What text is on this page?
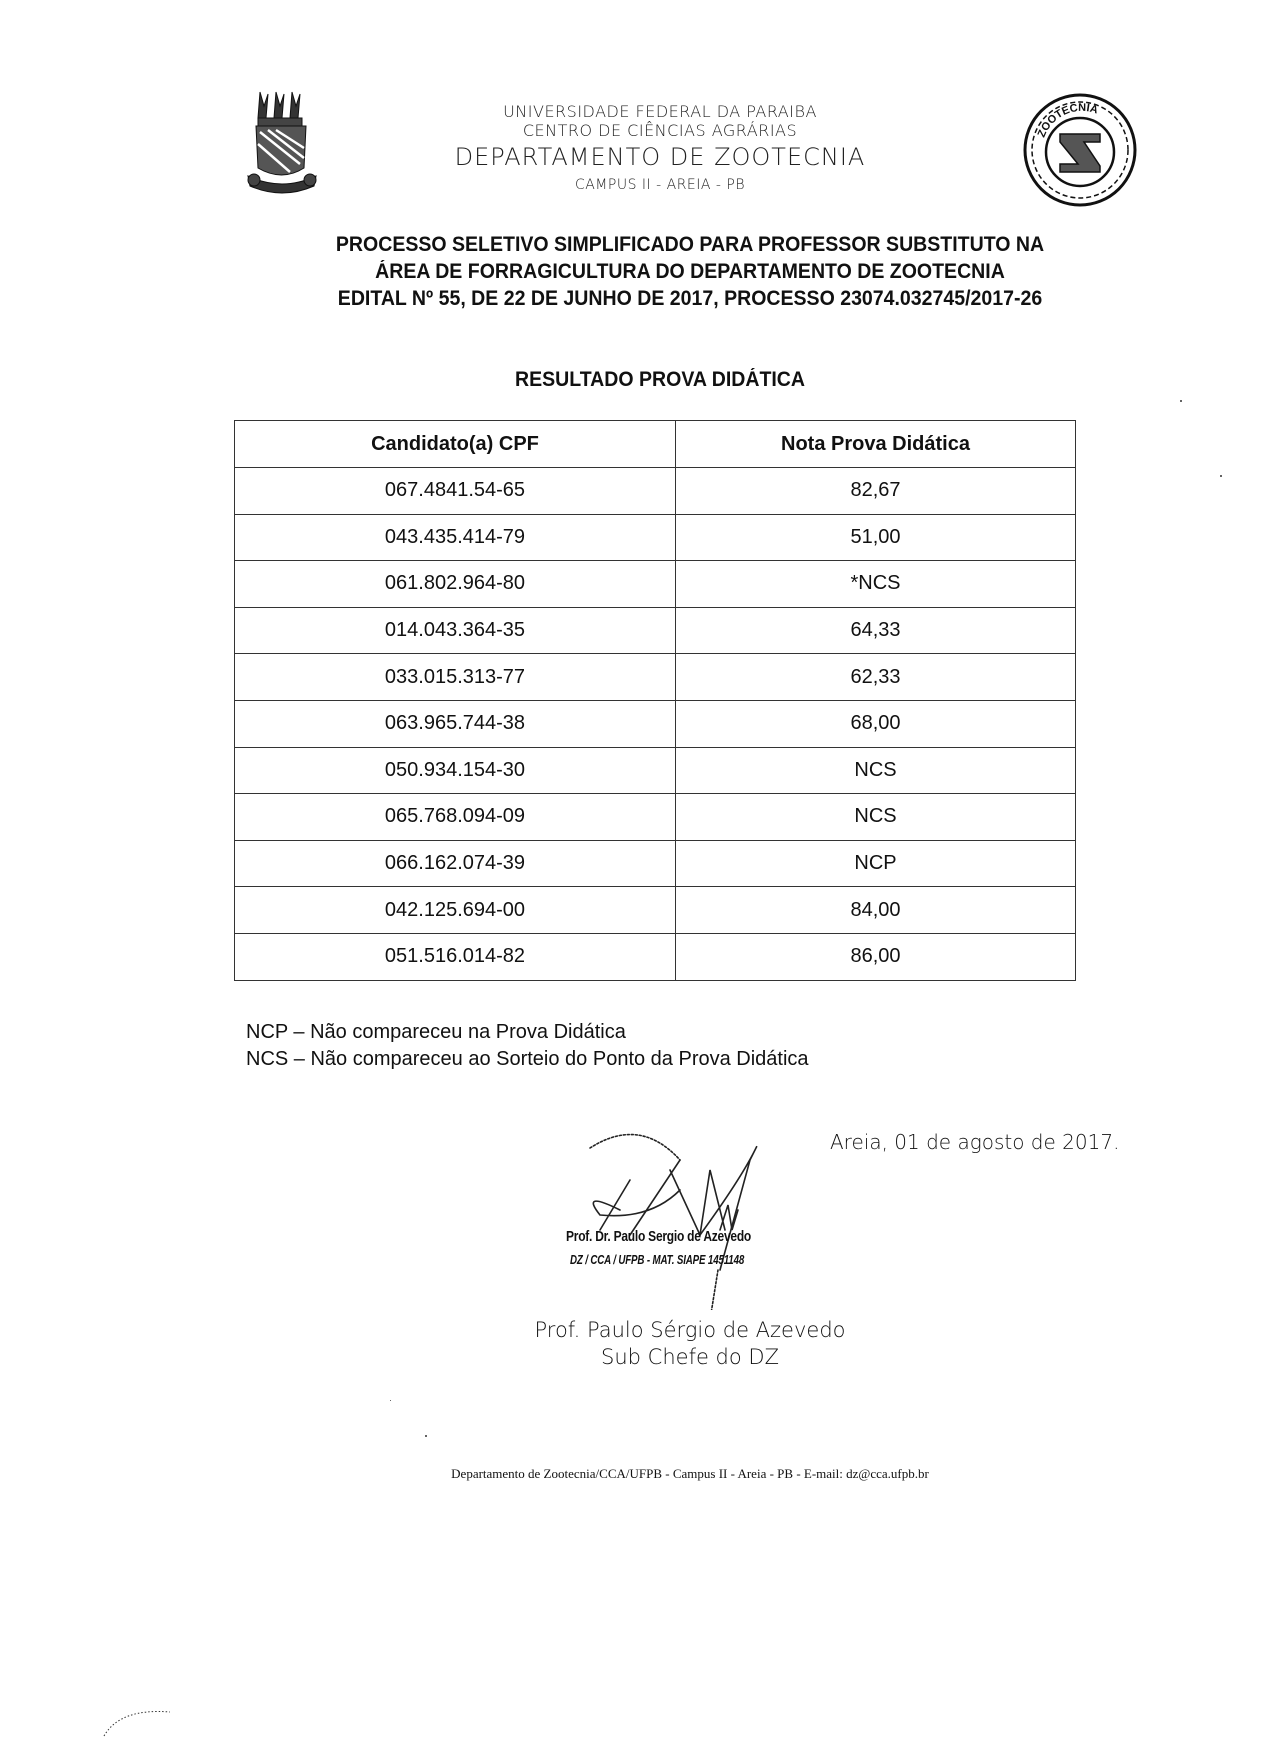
ZOOTECNIA
UNIVERSIDADE FEDERAL DA PARAIBA
CENTRO DE CIÊNCIAS AGRÁRIAS
DEPARTAMENTO DE ZOOTECNIA
CAMPUS II - AREIA - PB
PROCESSO SELETIVO SIMPLIFICADO PARA PROFESSOR SUBSTITUTO NA
ÁREA DE FORRAGICULTURA DO DEPARTAMENTO DE ZOOTECNIA
EDITAL Nº 55, DE 22 DE JUNHO DE 2017, PROCESSO 23074.032745/2017-26
RESULTADO PROVA DIDÁTICA
Candidato(a) CPF	Nota Prova Didática
067.4841.54-65	82,67
043.435.414-79	51,00
061.802.964-80	*NCS
014.043.364-35	64,33
033.015.313-77	62,33
063.965.744-38	68,00
050.934.154-30	NCS
065.768.094-09	NCS
066.162.074-39	NCP
042.125.694-00	84,00
051.516.014-82	86,00
NCP – Não compareceu na Prova Didática
NCS – Não compareceu ao Sorteio do Ponto da Prova Didática
Areia, 01 de agosto de 2017.
Prof. Dr. Paulo Sergio de Azevedo
DZ / CCA / UFPB - MAT. SIAPE 1451148
Prof. Paulo Sérgio de Azevedo
Sub Chefe do DZ
Departamento de Zootecnia/CCA/UFPB - Campus II - Areia - PB - E-mail: dz@cca.ufpb.br
